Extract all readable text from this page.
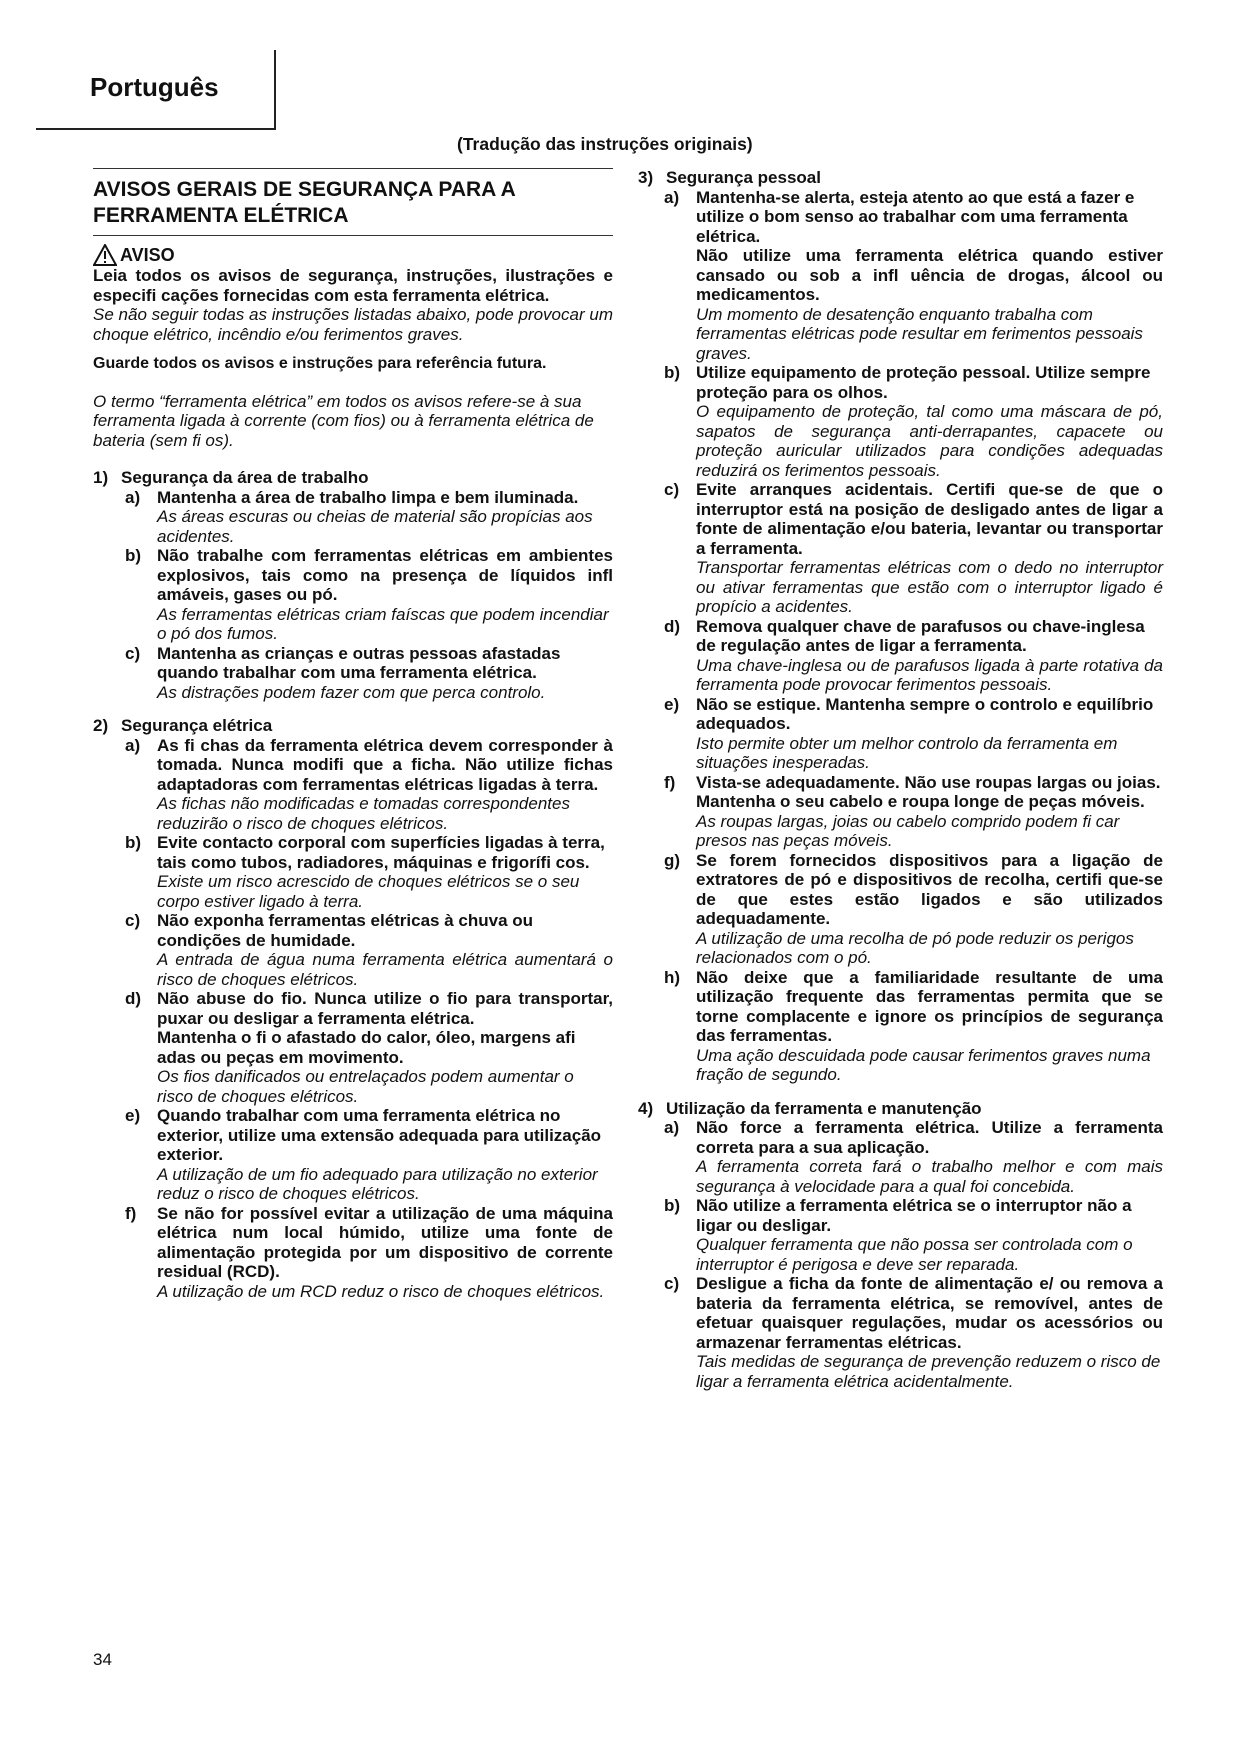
Português
(Tradução das instruções originais)
AVISOS GERAIS DE SEGURANÇA PARA A FERRAMENTA ELÉTRICA
AVISO
Leia todos os avisos de segurança, instruções, ilustrações e especifi cações fornecidas com esta ferramenta elétrica.
Se não seguir todas as instruções listadas abaixo, pode provocar um choque elétrico, incêndio e/ou ferimentos graves.
Guarde todos os avisos e instruções para referência futura.
O termo “ferramenta elétrica” em todos os avisos refere-se à sua ferramenta ligada à corrente (com fios) ou à ferramenta elétrica de bateria (sem fi os).
1) Segurança da área de trabalho
a) Mantenha a área de trabalho limpa e bem iluminada.
As áreas escuras ou cheias de material são propícias aos acidentes.
b) Não trabalhe com ferramentas elétricas em ambientes explosivos, tais como na presença de líquidos infl amáveis, gases ou pó.
As ferramentas elétricas criam faíscas que podem incendiar o pó dos fumos.
c) Mantenha as crianças e outras pessoas afastadas quando trabalhar com uma ferramenta elétrica.
As distrações podem fazer com que perca controlo.
2) Segurança elétrica
a) As fi chas da ferramenta elétrica devem corresponder à tomada. Nunca modifi que a ficha. Não utilize fichas adaptadoras com ferramentas elétricas ligadas à terra.
As fichas não modificadas e tomadas correspondentes reduzirão o risco de choques elétricos.
b) Evite contacto corporal com superfícies ligadas à terra, tais como tubos, radiadores, máquinas e frigorífi cos.
Existe um risco acrescido de choques elétricos se o seu corpo estiver ligado à terra.
c) Não exponha ferramentas elétricas à chuva ou condições de humidade.
A entrada de água numa ferramenta elétrica aumentará o risco de choques elétricos.
d) Não abuse do fio. Nunca utilize o fio para transportar, puxar ou desligar a ferramenta elétrica.
Mantenha o fi o afastado do calor, óleo, margens afi adas ou peças em movimento.
Os fios danificados ou entrelaçados podem aumentar o risco de choques elétricos.
e) Quando trabalhar com uma ferramenta elétrica no exterior, utilize uma extensão adequada para utilização exterior.
A utilização de um fio adequado para utilização no exterior reduz o risco de choques elétricos.
f)	Se não for possível evitar a utilização de uma máquina elétrica num local húmido, utilize uma fonte de alimentação protegida por um dispositivo de corrente residual (RCD).
A utilização de um RCD reduz o risco de choques elétricos.
3) Segurança pessoal
a) Mantenha-se alerta, esteja atento ao que está a fazer e utilize o bom senso ao trabalhar com uma ferramenta elétrica.
Não utilize uma ferramenta elétrica quando estiver cansado ou sob a infl uência de drogas, álcool ou medicamentos.
Um momento de desatenção enquanto trabalha com ferramentas elétricas pode resultar em ferimentos pessoais graves.
b) Utilize equipamento de proteção pessoal. Utilize sempre proteção para os olhos.
O equipamento de proteção, tal como uma máscara de pó, sapatos de segurança anti-derrapantes, capacete ou proteção auricular utilizados para condições adequadas reduzirá os ferimentos pessoais.
c) Evite arranques acidentais. Certifi que-se de que o interruptor está na posição de desligado antes de ligar a fonte de alimentação e/ou bateria, levantar ou transportar a ferramenta.
Transportar ferramentas elétricas com o dedo no interruptor ou ativar ferramentas que estão com o interruptor ligado é propício a acidentes.
d) Remova qualquer chave de parafusos ou chave-inglesa de regulação antes de ligar a ferramenta.
Uma chave-inglesa ou de parafusos ligada à parte rotativa da ferramenta pode provocar ferimentos pessoais.
e) Não se estique. Mantenha sempre o controlo e equilíbrio adequados.
Isto permite obter um melhor controlo da ferramenta em situações inesperadas.
f)	Vista-se adequadamente. Não use roupas largas ou joias. Mantenha o seu cabelo e roupa longe de peças móveis.
As roupas largas, joias ou cabelo comprido podem fi car presos nas peças móveis.
g) Se forem fornecidos dispositivos para a ligação de extratores de pó e dispositivos de recolha, certifi que-se de que estes estão ligados e são utilizados adequadamente.
A utilização de uma recolha de pó pode reduzir os perigos relacionados com o pó.
h) Não deixe que a familiaridade resultante de uma utilização frequente das ferramentas permita que se torne complacente e ignore os princípios de segurança das ferramentas.
Uma ação descuidada pode causar ferimentos graves numa fração de segundo.
4) Utilização da ferramenta e manutenção
a) Não force a ferramenta elétrica. Utilize a ferramenta correta para a sua aplicação.
A ferramenta correta fará o trabalho melhor e com mais segurança à velocidade para a qual foi concebida.
b) Não utilize a ferramenta elétrica se o interruptor não a ligar ou desligar.
Qualquer ferramenta que não possa ser controlada com o interruptor é perigosa e deve ser reparada.
c) Desligue a ficha da fonte de alimentação e/ ou remova a bateria da ferramenta elétrica, se removível, antes de efetuar quaisquer regulações, mudar os acessórios ou armazenar ferramentas elétricas.
Tais medidas de segurança de prevenção reduzem o risco de ligar a ferramenta elétrica acidentalmente.
34
